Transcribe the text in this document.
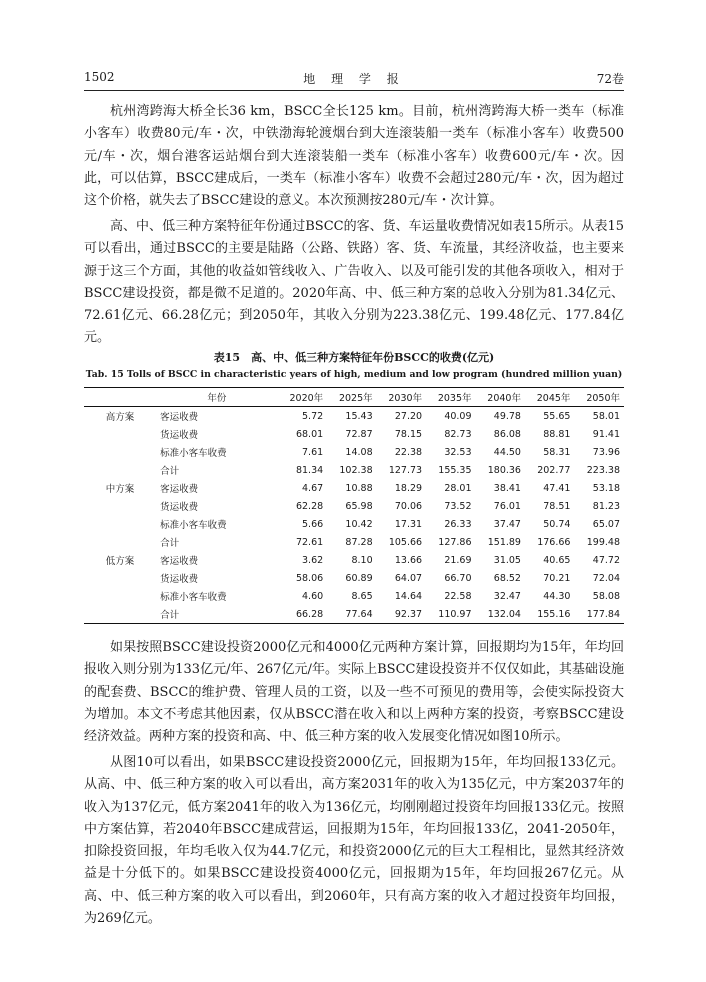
1502	地 理 学 报	72卷

杭州湾跨海大桥全长36 km，BSCC全长125 km。目前，杭州湾跨海大桥一类车（标准小客车）收费80元/车・次，中铁渤海轮渡烟台到大连滚装船一类车（标准小客车）收费500元/车・次，烟台港客运站烟台到大连滚装船一类车（标准小客车）收费600元/车・次。因此，可以估算，BSCC建成后，一类车（标准小客车）收费不会超过280元/车・次，因为超过这个价格，就失去了BSCC建设的意义。本次预测按280元/车・次计算。

高、中、低三种方案特征年份通过BSCC的客、货、车运量收费情况如表15所示。从表15可以看出，通过BSCC的主要是陆路（公路、铁路）客、货、车流量，其经济收益，也主要来源于这三个方面，其他的收益如管线收入、广告收入、以及可能引发的其他各项收入，相对于BSCC建设投资，都是微不足道的。2020年高、中、低三种方案的总收入分别为81.34亿元、72.61亿元、66.28亿元；到2050年，其收入分别为223.38亿元、199.48亿元、177.84亿元。

表15　高、中、低三种方案特征年份BSCC的收费(亿元)
Tab. 15 Tolls of BSCC in characteristic years of high, medium and low program (hundred million yuan)
	年份	2020年	2025年	2030年	2035年	2040年	2045年	2050年
高方案	客运收费	5.72	15.43	27.20	40.09	49.78	55.65	58.01
	货运收费	68.01	72.87	78.15	82.73	86.08	88.81	91.41
	标准小客车收费	7.61	14.08	22.38	32.53	44.50	58.31	73.96
	合计	81.34	102.38	127.73	155.35	180.36	202.77	223.38
中方案	客运收费	4.67	10.88	18.29	28.01	38.41	47.41	53.18
	货运收费	62.28	65.98	70.06	73.52	76.01	78.51	81.23
	标准小客车收费	5.66	10.42	17.31	26.33	37.47	50.74	65.07
	合计	72.61	87.28	105.66	127.86	151.89	176.66	199.48
低方案	客运收费	3.62	8.10	13.66	21.69	31.05	40.65	47.72
	货运收费	58.06	60.89	64.07	66.70	68.52	70.21	72.04
	标准小客车收费	4.60	8.65	14.64	22.58	32.47	44.30	58.08
	合计	66.28	77.64	92.37	110.97	132.04	155.16	177.84

如果按照BSCC建设投资2000亿元和4000亿元两种方案计算，回报期均为15年，年均回报收入则分别为133亿元/年、267亿元/年。实际上BSCC建设投资并不仅仅如此，其基础设施的配套费、BSCC的维护费、管理人员的工资，以及一些不可预见的费用等，会使实际投资大为增加。本文不考虑其他因素，仅从BSCC潜在收入和以上两种方案的投资，考察BSCC建设经济效益。两种方案的投资和高、中、低三种方案的收入发展变化情况如图10所示。

从图10可以看出，如果BSCC建设投资2000亿元，回报期为15年，年均回报133亿元。从高、中、低三种方案的收入可以看出，高方案2031年的收入为135亿元，中方案2037年的收入为137亿元，低方案2041年的收入为136亿元，均刚刚超过投资年均回报133亿元。按照中方案估算，若2040年BSCC建成营运，回报期为15年，年均回报133亿，2041-2050年，扣除投资回报，年均毛收入仅为44.7亿元，和投资2000亿元的巨大工程相比，显然其经济效益是十分低下的。如果BSCC建设投资4000亿元，回报期为15年，年均回报267亿元。从高、中、低三种方案的收入可以看出，到2060年，只有高方案的收入才超过投资年均回报，为269亿元。
